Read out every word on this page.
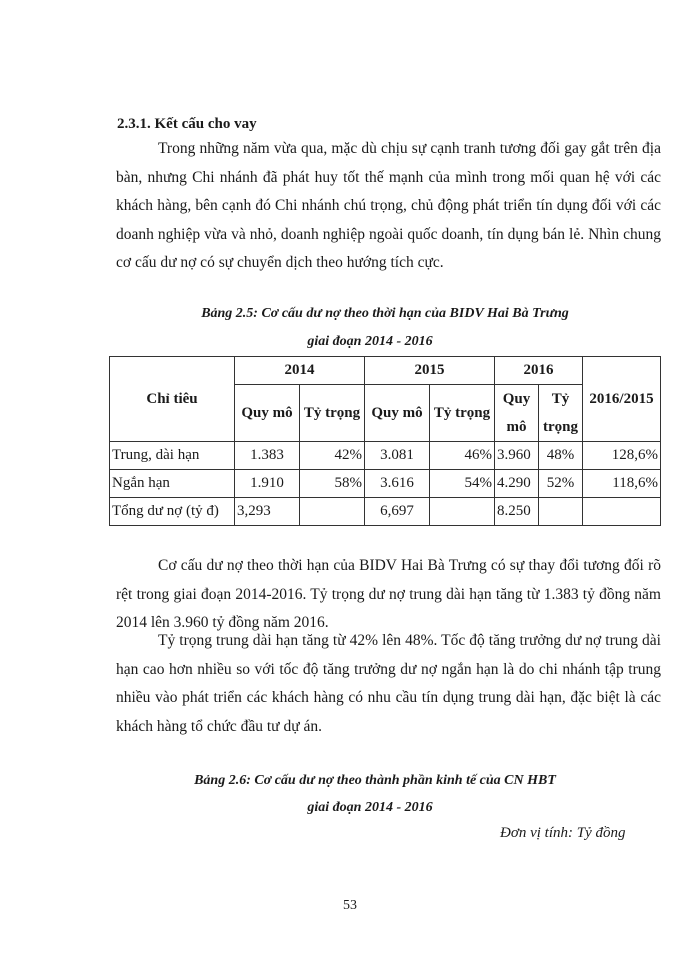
2.3.1. Kết cấu cho vay
Trong những năm vừa qua, mặc dù chịu sự cạnh tranh tương đối gay gắt trên địa bàn, nhưng Chi nhánh đã phát huy tốt thế mạnh của mình trong mối quan hệ với các khách hàng, bên cạnh đó Chi nhánh chú trọng, chủ động phát triển tín dụng đối với các doanh nghiệp vừa và nhỏ, doanh nghiệp ngoài quốc doanh, tín dụng bán lẻ. Nhìn chung cơ cấu dư nợ có sự chuyển dịch theo hướng tích cực.
Bảng 2.5: Cơ cấu dư nợ theo thời hạn của BIDV Hai Bà Trưng
giai đoạn 2014 - 2016
Chỉ tiêu	2014		2015		2016		2016/2015
	Quy mô	Tỷ trọng	Quy mô	Tỷ trọng	Quy mô	Tỷ trọng	
Trung, dài hạn	1.383	42%	3.081	46%	3.960	48%	128,6%
Ngắn hạn	1.910	58%	3.616	54%	4.290	52%	118,6%
Tổng dư nợ (tỷ đ)	3,293		6,697		8.250		
Cơ cấu dư nợ theo thời hạn của BIDV Hai Bà Trưng có sự thay đổi tương đối rõ rệt trong giai đoạn 2014-2016. Tỷ trọng dư nợ trung dài hạn tăng từ 1.383 tỷ đồng năm 2014 lên 3.960 tỷ đồng năm 2016.
Tỷ trọng trung dài hạn tăng từ 42% lên 48%. Tốc độ tăng trưởng dư nợ trung dài hạn cao hơn nhiều so với tốc độ tăng trưởng dư nợ ngắn hạn là do chi nhánh tập trung nhiều vào phát triển các khách hàng có nhu cầu tín dụng trung dài hạn, đặc biệt là các khách hàng tổ chức đầu tư dự án.
Bảng 2.6: Cơ cấu dư nợ theo thành phần kinh tế của CN HBT
giai đoạn 2014 - 2016
Đơn vị tính: Tỷ đồng
53
